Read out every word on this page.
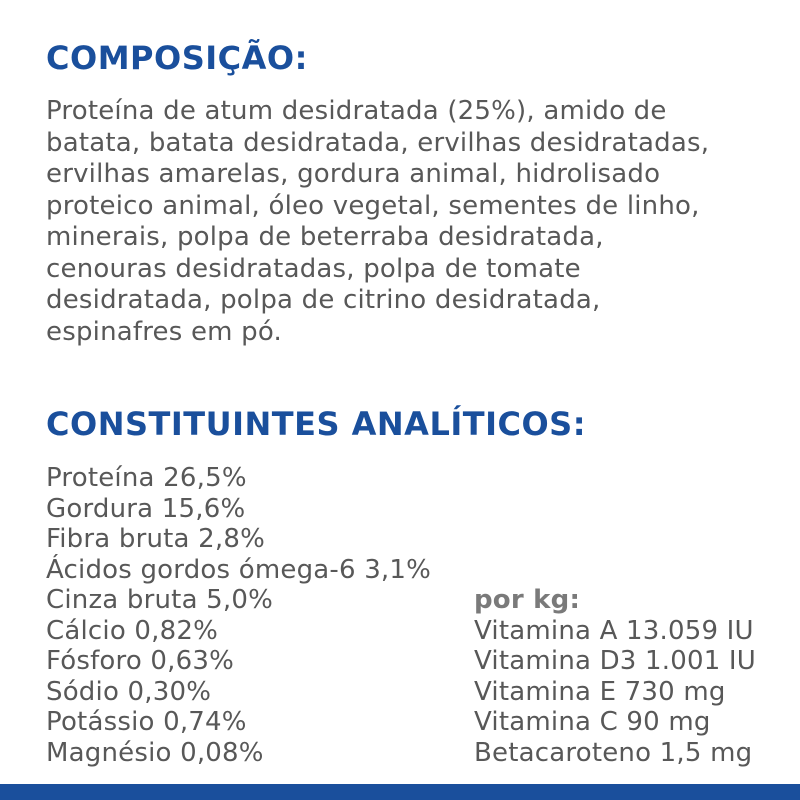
COMPOSIÇÃO:
Proteína de atum desidratada (25%), amido de
batata, batata desidratada, ervilhas desidratadas,
ervilhas amarelas, gordura animal, hidrolisado
proteico animal, óleo vegetal, sementes de linho,
minerais, polpa de beterraba desidratada,
cenouras desidratadas, polpa de tomate
desidratada, polpa de citrino desidratada,
espinafres em pó.
CONSTITUINTES ANALÍTICOS:
Proteína 26,5%
Gordura 15,6%
Fibra bruta 2,8%
Ácidos gordos ómega-6 3,1%
Cinza bruta 5,0%
Cálcio 0,82%
Fósforo 0,63%
Sódio 0,30%
Potássio 0,74%
Magnésio 0,08%
por kg:
Vitamina A 13.059 IU
Vitamina D3 1.001 IU
Vitamina E 730 mg
Vitamina C 90 mg
Betacaroteno 1,5 mg
